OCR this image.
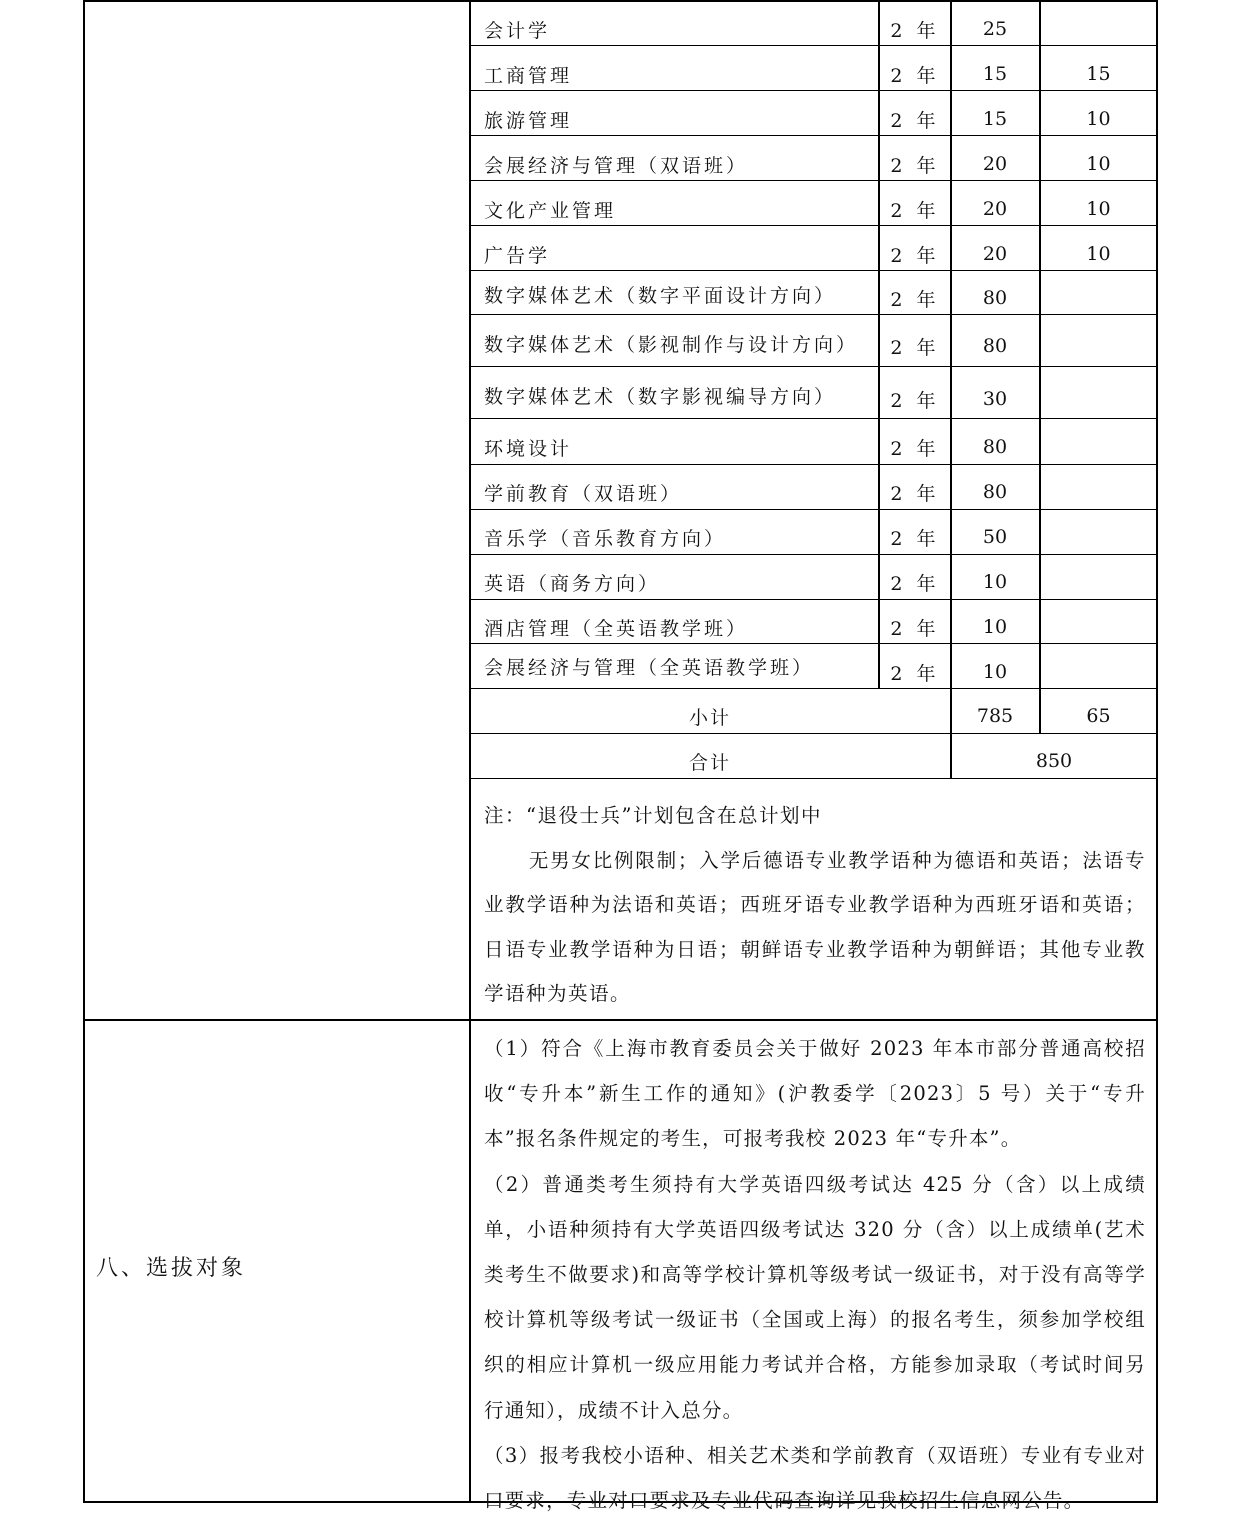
会计学	2 年	25
工商管理	2 年	15	15
旅游管理	2 年	15	10
会展经济与管理（双语班）	2 年	20	10
文化产业管理	2 年	20	10
广告学	2 年	20	10
数字媒体艺术（数字平面设计方向）	2 年	80
数字媒体艺术（影视制作与设计方向）	2 年	80
数字媒体艺术（数字影视编导方向）	2 年	30
环境设计	2 年	80
学前教育（双语班）	2 年	80
音乐学（音乐教育方向）	2 年	50
英语（商务方向）	2 年	10
酒店管理（全英语教学班）	2 年	10
会展经济与管理（全英语教学班）	2 年	10
小计	785	65
合计	850

注：“退役士兵”计划包含在总计划中

无男女比例限制；入学后德语专业教学语种为德语和英语；法语专业教学语种为法语和英语；西班牙语专业教学语种为西班牙语和英语；日语专业教学语种为日语；朝鲜语专业教学语种为朝鲜语；其他专业教学语种为英语。

八、选拔对象

（1）符合《上海市教育委员会关于做好 2023 年本市部分普通高校招收“专升本”新生工作的通知》(沪教委学〔2023〕5 号）关于“专升本”报名条件规定的考生，可报考我校 2023 年“专升本”。

（2）普通类考生须持有大学英语四级考试达 425 分（含）以上成绩单，小语种须持有大学英语四级考试达 320 分（含）以上成绩单(艺术类考生不做要求)和高等学校计算机等级考试一级证书，对于没有高等学校计算机等级考试一级证书（全国或上海）的报名考生，须参加学校组织的相应计算机一级应用能力考试并合格，方能参加录取（考试时间另行通知），成绩不计入总分。

（3）报考我校小语种、相关艺术类和学前教育（双语班）专业有专业对口要求，专业对口要求及专业代码查询详见我校招生信息网公告。
